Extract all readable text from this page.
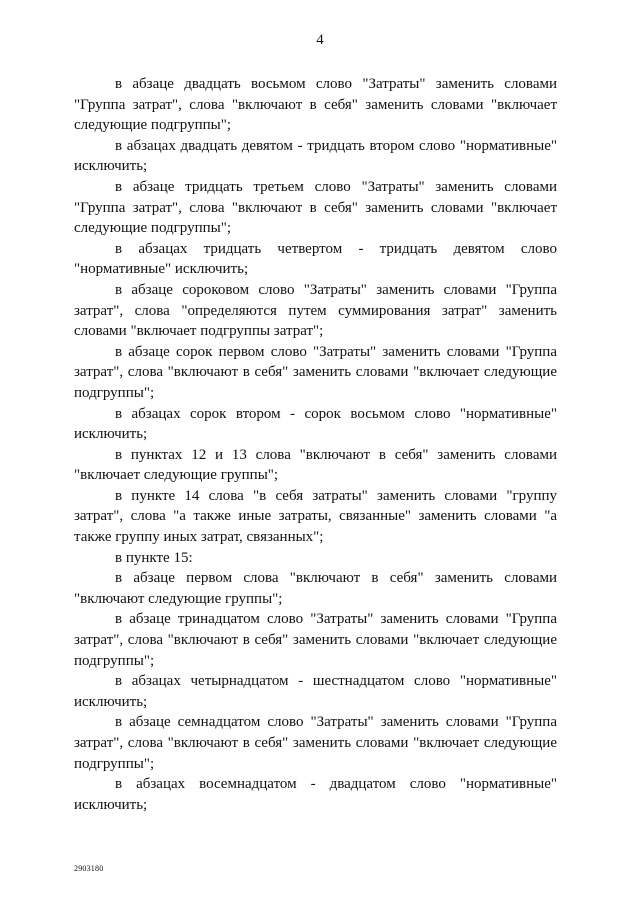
4

в абзаце двадцать восьмом слово "Затраты" заменить словами "Группа затрат", слова "включают в себя" заменить словами "включает следующие подгруппы";

в абзацах двадцать девятом - тридцать втором слово "нормативные" исключить;

в абзаце тридцать третьем слово "Затраты" заменить словами "Группа затрат", слова "включают в себя" заменить словами "включает следующие подгруппы";

в абзацах тридцать четвертом - тридцать девятом слово "нормативные" исключить;

в абзаце сороковом слово "Затраты" заменить словами "Группа затрат", слова "определяются путем суммирования затрат" заменить словами "включает подгруппы затрат";

в абзаце сорок первом слово "Затраты" заменить словами "Группа затрат", слова "включают в себя" заменить словами "включает следующие подгруппы";

в абзацах сорок втором - сорок восьмом слово "нормативные" исключить;

в пунктах 12 и 13 слова "включают в себя" заменить словами "включает следующие группы";

в пункте 14 слова "в себя затраты" заменить словами "группу затрат", слова "а также иные затраты, связанные" заменить словами "а также группу иных затрат, связанных";

в пункте 15:

в абзаце первом слова "включают в себя" заменить словами "включают следующие группы";

в абзаце тринадцатом слово "Затраты" заменить словами "Группа затрат", слова "включают в себя" заменить словами "включает следующие подгруппы";

в абзацах четырнадцатом - шестнадцатом слово "нормативные" исключить;

в абзаце семнадцатом слово "Затраты" заменить словами "Группа затрат", слова "включают в себя" заменить словами "включает следующие подгруппы";

в абзацах восемнадцатом - двадцатом слово "нормативные" исключить;

2903180
